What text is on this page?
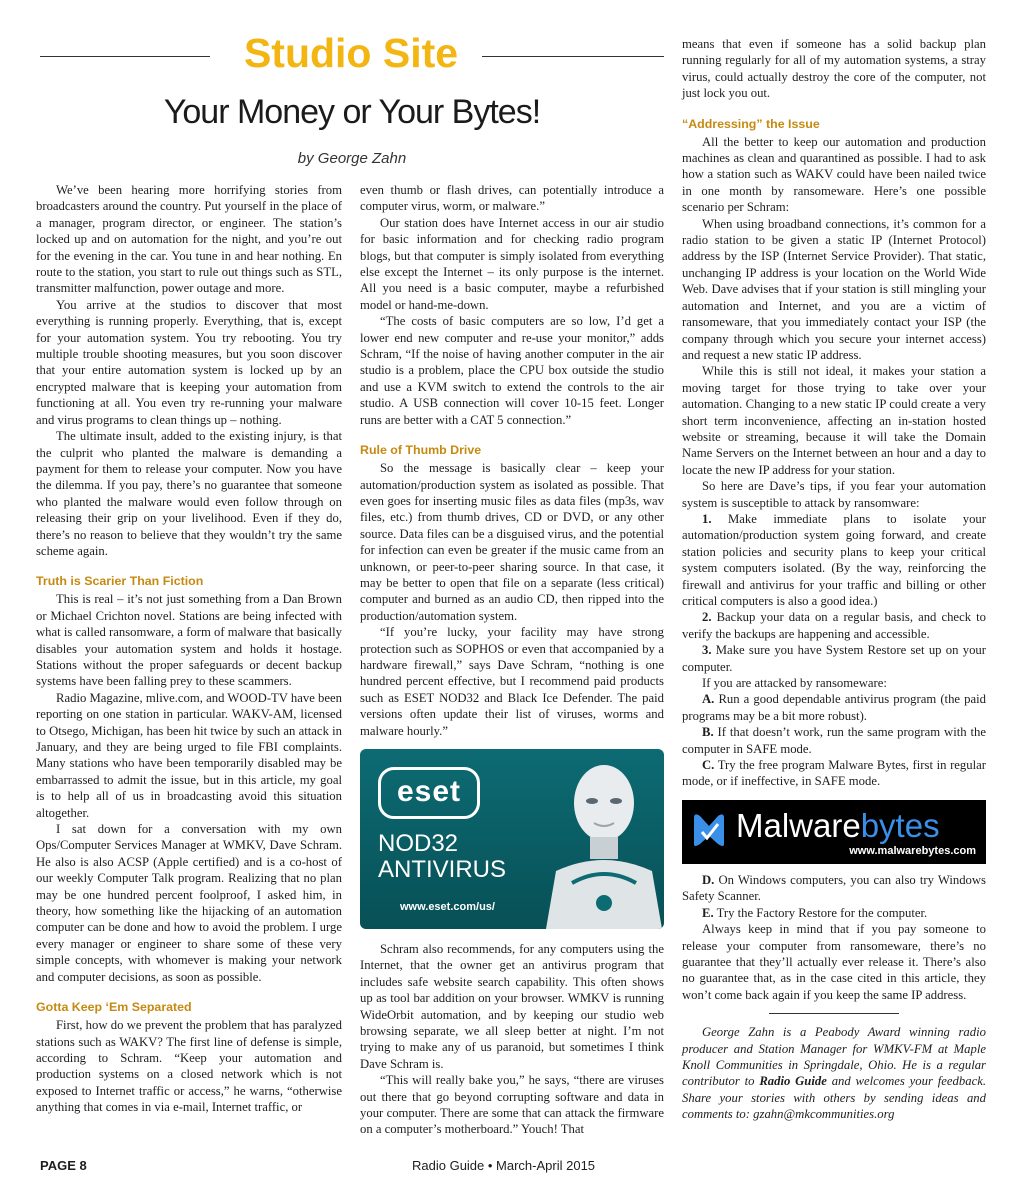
Studio Site
Your Money or Your Bytes!
by George Zahn

We’ve been hearing more horrifying stories from broadcasters around the country. Put yourself in the place of a manager, program director, or engineer. The station’s locked up and on automation for the night, and you’re out for the evening in the car. You tune in and hear nothing. En route to the station, you start to rule out things such as STL, transmitter malfunction, power outage and more.

You arrive at the studios to discover that most everything is running properly. Everything, that is, except for your automation system. You try rebooting. You try multiple trouble shooting measures, but you soon discover that your entire automation system is locked up by an encrypted malware that is keeping your automation from functioning at all. You even try re-running your malware and virus programs to clean things up – nothing.

The ultimate insult, added to the existing injury, is that the culprit who planted the malware is demanding a payment for them to release your computer. Now you have the dilemma. If you pay, there’s no guarantee that someone who planted the malware would even follow through on releasing their grip on your livelihood. Even if they do, there’s no reason to believe that they wouldn’t try the same scheme again.

Truth is Scarier Than Fiction

This is real – it’s not just something from a Dan Brown or Michael Crichton novel. Stations are being infected with what is called ransomware, a form of malware that basically disables your automation system and holds it hostage. Stations without the proper safeguards or decent backup systems have been falling prey to these scammers.

Radio Magazine, mlive.com, and WOOD-TV have been reporting on one station in particular. WAKV-AM, licensed to Otsego, Michigan, has been hit twice by such an attack in January, and they are being urged to file FBI complaints. Many stations who have been temporarily disabled may be embarrassed to admit the issue, but in this article, my goal is to help all of us in broadcasting avoid this situation altogether.

I sat down for a conversation with my own Ops/Computer Services Manager at WMKV, Dave Schram. He also is also ACSP (Apple certified) and is a co-host of our weekly Computer Talk program. Realizing that no plan may be one hundred percent foolproof, I asked him, in theory, how something like the hijacking of an automation computer can be done and how to avoid the problem. I urge every manager or engineer to share some of these very simple concepts, with whomever is making your network and computer decisions, as soon as possible.

Gotta Keep ‘Em Separated

First, how do we prevent the problem that has paralyzed stations such as WAKV? The first line of defense is simple, according to Schram. “Keep your automation and production systems on a closed network which is not exposed to Internet traffic or access,” he warns, “otherwise anything that comes in via e-mail, Internet traffic, or

even thumb or flash drives, can potentially introduce a computer virus, worm, or malware.”

Our station does have Internet access in our air studio for basic information and for checking radio program blogs, but that computer is simply isolated from everything else except the Internet – its only purpose is the internet. All you need is a basic computer, maybe a refurbished model or hand-me-down.

“The costs of basic computers are so low, I’d get a lower end new computer and re-use your monitor,” adds Schram, “If the noise of having another computer in the air studio is a problem, place the CPU box outside the studio and use a KVM switch to extend the controls to the air studio. A USB connection will cover 10-15 feet. Longer runs are better with a CAT 5 connection.”

Rule of Thumb Drive

So the message is basically clear – keep your automation/production system as isolated as possible. That even goes for inserting music files as data files (mp3s, wav files, etc.) from thumb drives, CD or DVD, or any other source. Data files can be a disguised virus, and the potential for infection can even be greater if the music came from an unknown, or peer-to-peer sharing source. In that case, it may be better to open that file on a separate (less critical) computer and burned as an audio CD, then ripped into the production/automation system.

“If you’re lucky, your facility may have strong protection such as SOPHOS or even that accompanied by a hardware firewall,” says Dave Schram, “nothing is one hundred percent effective, but I recommend paid products such as ESET NOD32 and Black Ice Defender. The paid versions often update their list of viruses, worms and malware hourly.”

eset
NOD32
ANTIVIRUS
www.eset.com/us/

Schram also recommends, for any computers using the Internet, that the owner get an antivirus program that includes safe website search capability. This often shows up as tool bar addition on your browser. WMKV is running WideOrbit automation, and by keeping our studio web browsing separate, we all sleep better at night. I’m not trying to make any of us paranoid, but sometimes I think Dave Schram is.

“This will really bake you,” he says, “there are viruses out there that go beyond corrupting software and data in your computer. There are some that can attack the firmware on a computer’s motherboard.” Youch! That

means that even if someone has a solid backup plan running regularly for all of my automation systems, a stray virus, could actually destroy the core of the computer, not just lock you out.

“Addressing” the Issue

All the better to keep our automation and production machines as clean and quarantined as possible. I had to ask how a station such as WAKV could have been nailed twice in one month by ransomeware. Here’s one possible scenario per Schram:

When using broadband connections, it’s common for a radio station to be given a static IP (Internet Protocol) address by the ISP (Internet Service Provider). That static, unchanging IP address is your location on the World Wide Web. Dave advises that if your station is still mingling your automation and Internet, and you are a victim of ransomeware, that you immediately contact your ISP (the company through which you secure your internet access) and request a new static IP address.

While this is still not ideal, it makes your station a moving target for those trying to take over your automation. Changing to a new static IP could create a very short term inconvenience, affecting an in-station hosted website or streaming, because it will take the Domain Name Servers on the Internet between an hour and a day to locate the new IP address for your station.

So here are Dave’s tips, if you fear your automation system is susceptible to attack by ransomware:

1. Make immediate plans to isolate your automation/production system going forward, and create station policies and security plans to keep your critical system computers isolated. (By the way, reinforcing the firewall and antivirus for your traffic and billing or other critical computers is also a good idea.)

2. Backup your data on a regular basis, and check to verify the backups are happening and accessible.

3. Make sure you have System Restore set up on your computer.

If you are attacked by ransomeware:

A. Run a good dependable antivirus program (the paid programs may be a bit more robust).

B. If that doesn’t work, run the same program with the computer in SAFE mode.

C. Try the free program Malware Bytes, first in regular mode, or if ineffective, in SAFE mode.

Malwarebytes
www.malwarebytes.com

D. On Windows computers, you can also try Windows Safety Scanner.

E. Try the Factory Restore for the computer.

Always keep in mind that if you pay someone to release your computer from ransomeware, there’s no guarantee that they’ll actually ever release it. There’s also no guarantee that, as in the case cited in this article, they won’t come back again if you keep the same IP address.

George Zahn is a Peabody Award winning radio producer and Station Manager for WMKV-FM at Maple Knoll Communities in Springdale, Ohio. He is a regular contributor to Radio Guide and welcomes your feedback. Share your stories with others by sending ideas and comments to: gzahn@mkcommunities.org

PAGE 8	Radio Guide • March-April 2015
